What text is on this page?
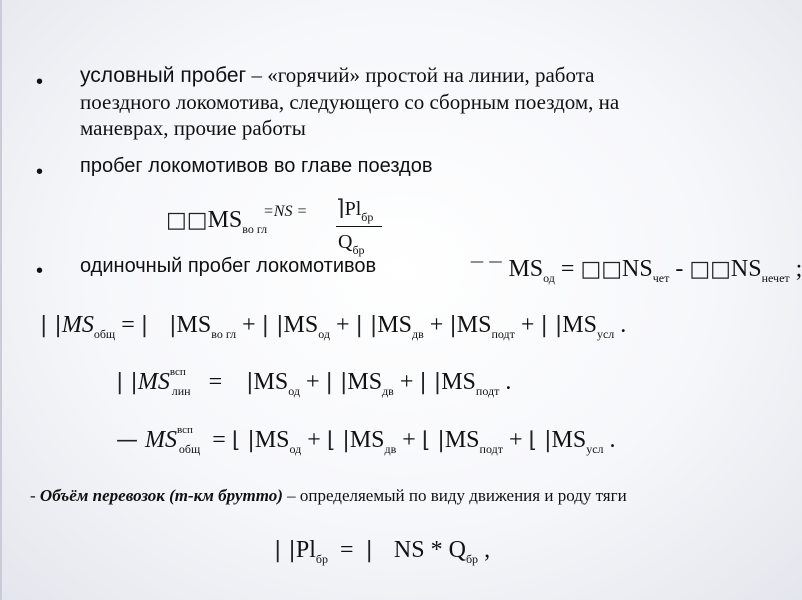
• условный пробег – «горячий» простой на линии, работа
поездного локомотива, следующего со сборным поездом, на
маневрах, прочие работы
• пробег локомотивов во главе поездов
$□□MS_{во гл}$
$=NS = ⌉Pl_{бр}$
$Q_{бр}$
• одиночный пробег локомотивов	— — $MS_{од}$ = $□□NS_{чет}$ - $□□NS_{нечет}$ ;
| $|MS_{общ}$ = |   $|MS_{во гл}$ + | $|MS_{од}$ + | $|MS_{дв} + |MS_{подт}$ + | $|MS_{усл}$ .
| |MSвсп$_{лин}$ = $|MS_{од}$ + | $|MS_{дв}$ + | $|MS_{подт}$ .
— MSвсп$_{общ}$ = ⌊ $|MS_{од}$ + ⌊ $|MS_{дв}$ + ⌊ $|MS_{подт}$ + ⌊ $|MS_{усл}$ .
- Объём перевозок (т-км брутто) – определяемый по виду движения и роду тяги
| $|Pl_{бр}$ = |   NS * $Q_{бр}$ ,
